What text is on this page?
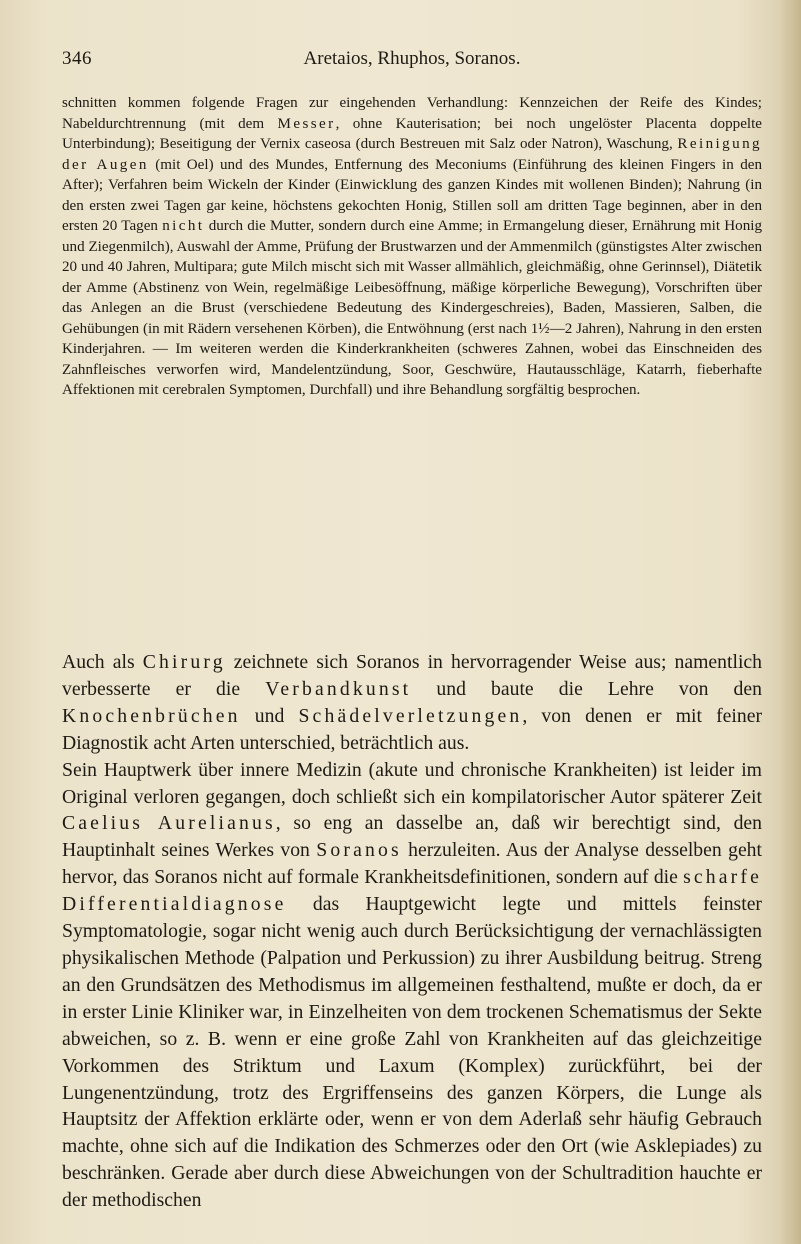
346	Aretaios, Rhuphos, Soranos.
schnitten kommen folgende Fragen zur eingehenden Verhandlung: Kennzeichen der Reife des Kindes; Nabeldurchtrennung (mit dem Messer, ohne Kauterisation; bei noch ungelöster Placenta doppelte Unterbindung); Beseitigung der Vernix caseosa (durch Bestreuen mit Salz oder Natron), Waschung, Reinigung der Augen (mit Oel) und des Mundes, Entfernung des Meconiums (Einführung des kleinen Fingers in den After); Verfahren beim Wickeln der Kinder (Einwicklung des ganzen Kindes mit wollenen Binden); Nahrung (in den ersten zwei Tagen gar keine, höchstens gekochten Honig, Stillen soll am dritten Tage beginnen, aber in den ersten 20 Tagen nicht durch die Mutter, sondern durch eine Amme; in Ermangelung dieser, Ernährung mit Honig und Ziegenmilch), Auswahl der Amme, Prüfung der Brustwarzen und der Ammenmilch (günstigstes Alter zwischen 20 und 40 Jahren, Multipara; gute Milch mischt sich mit Wasser allmählich, gleichmäßig, ohne Gerinnsel), Diätetik der Amme (Abstinenz von Wein, regelmäßige Leibesöffnung, mäßige körperliche Bewegung), Vorschriften über das Anlegen an die Brust (verschiedene Bedeutung des Kindergeschreies), Baden, Massieren, Salben, die Gehübungen (in mit Rädern versehenen Körben), die Entwöhnung (erst nach 1½—2 Jahren), Nahrung in den ersten Kinderjahren. — Im weiteren werden die Kinderkrankheiten (schweres Zahnen, wobei das Einschneiden des Zahnfleisches verworfen wird, Mandelentzündung, Soor, Geschwüre, Hautausschläge, Katarrh, fieberhafte Affektionen mit cerebralen Symptomen, Durchfall) und ihre Behandlung sorgfältig besprochen.

Auch als Chirurg zeichnete sich Soranos in hervorragender Weise aus; namentlich verbesserte er die Verbandkunst und baute die Lehre von den Knochenbrüchen und Schädelverletzungen, von denen er mit feiner Diagnostik acht Arten unterschied, beträchtlich aus.

Sein Hauptwerk über innere Medizin (akute und chronische Krankheiten) ist leider im Original verloren gegangen, doch schließt sich ein kompilatorischer Autor späterer Zeit Caelius Aurelianus, so eng an dasselbe an, daß wir berechtigt sind, den Hauptinhalt seines Werkes von Soranos herzuleiten. Aus der Analyse desselben geht hervor, das Soranos nicht auf formale Krankheitsdefinitionen, sondern auf die scharfe Differentialdiagnose das Hauptgewicht legte und mittels feinster Symptomatologie, sogar nicht wenig auch durch Berücksichtigung der vernachlässigten physikalischen Methode (Palpation und Perkussion) zu ihrer Ausbildung beitrug. Streng an den Grundsätzen des Methodismus im allgemeinen festhaltend, mußte er doch, da er in erster Linie Kliniker war, in Einzelheiten von dem trockenen Schematismus der Sekte abweichen, so z. B. wenn er eine große Zahl von Krankheiten auf das gleichzeitige Vorkommen des Striktum und Laxum (Komplex) zurückführt, bei der Lungenentzündung, trotz des Ergriffenseins des ganzen Körpers, die Lunge als Hauptsitz der Affektion erklärte oder, wenn er von dem Aderlaß sehr häufig Gebrauch machte, ohne sich auf die Indikation des Schmerzes oder den Ort (wie Asklepiades) zu beschränken. Gerade aber durch diese Abweichungen von der Schultradition hauchte er der methodischen
